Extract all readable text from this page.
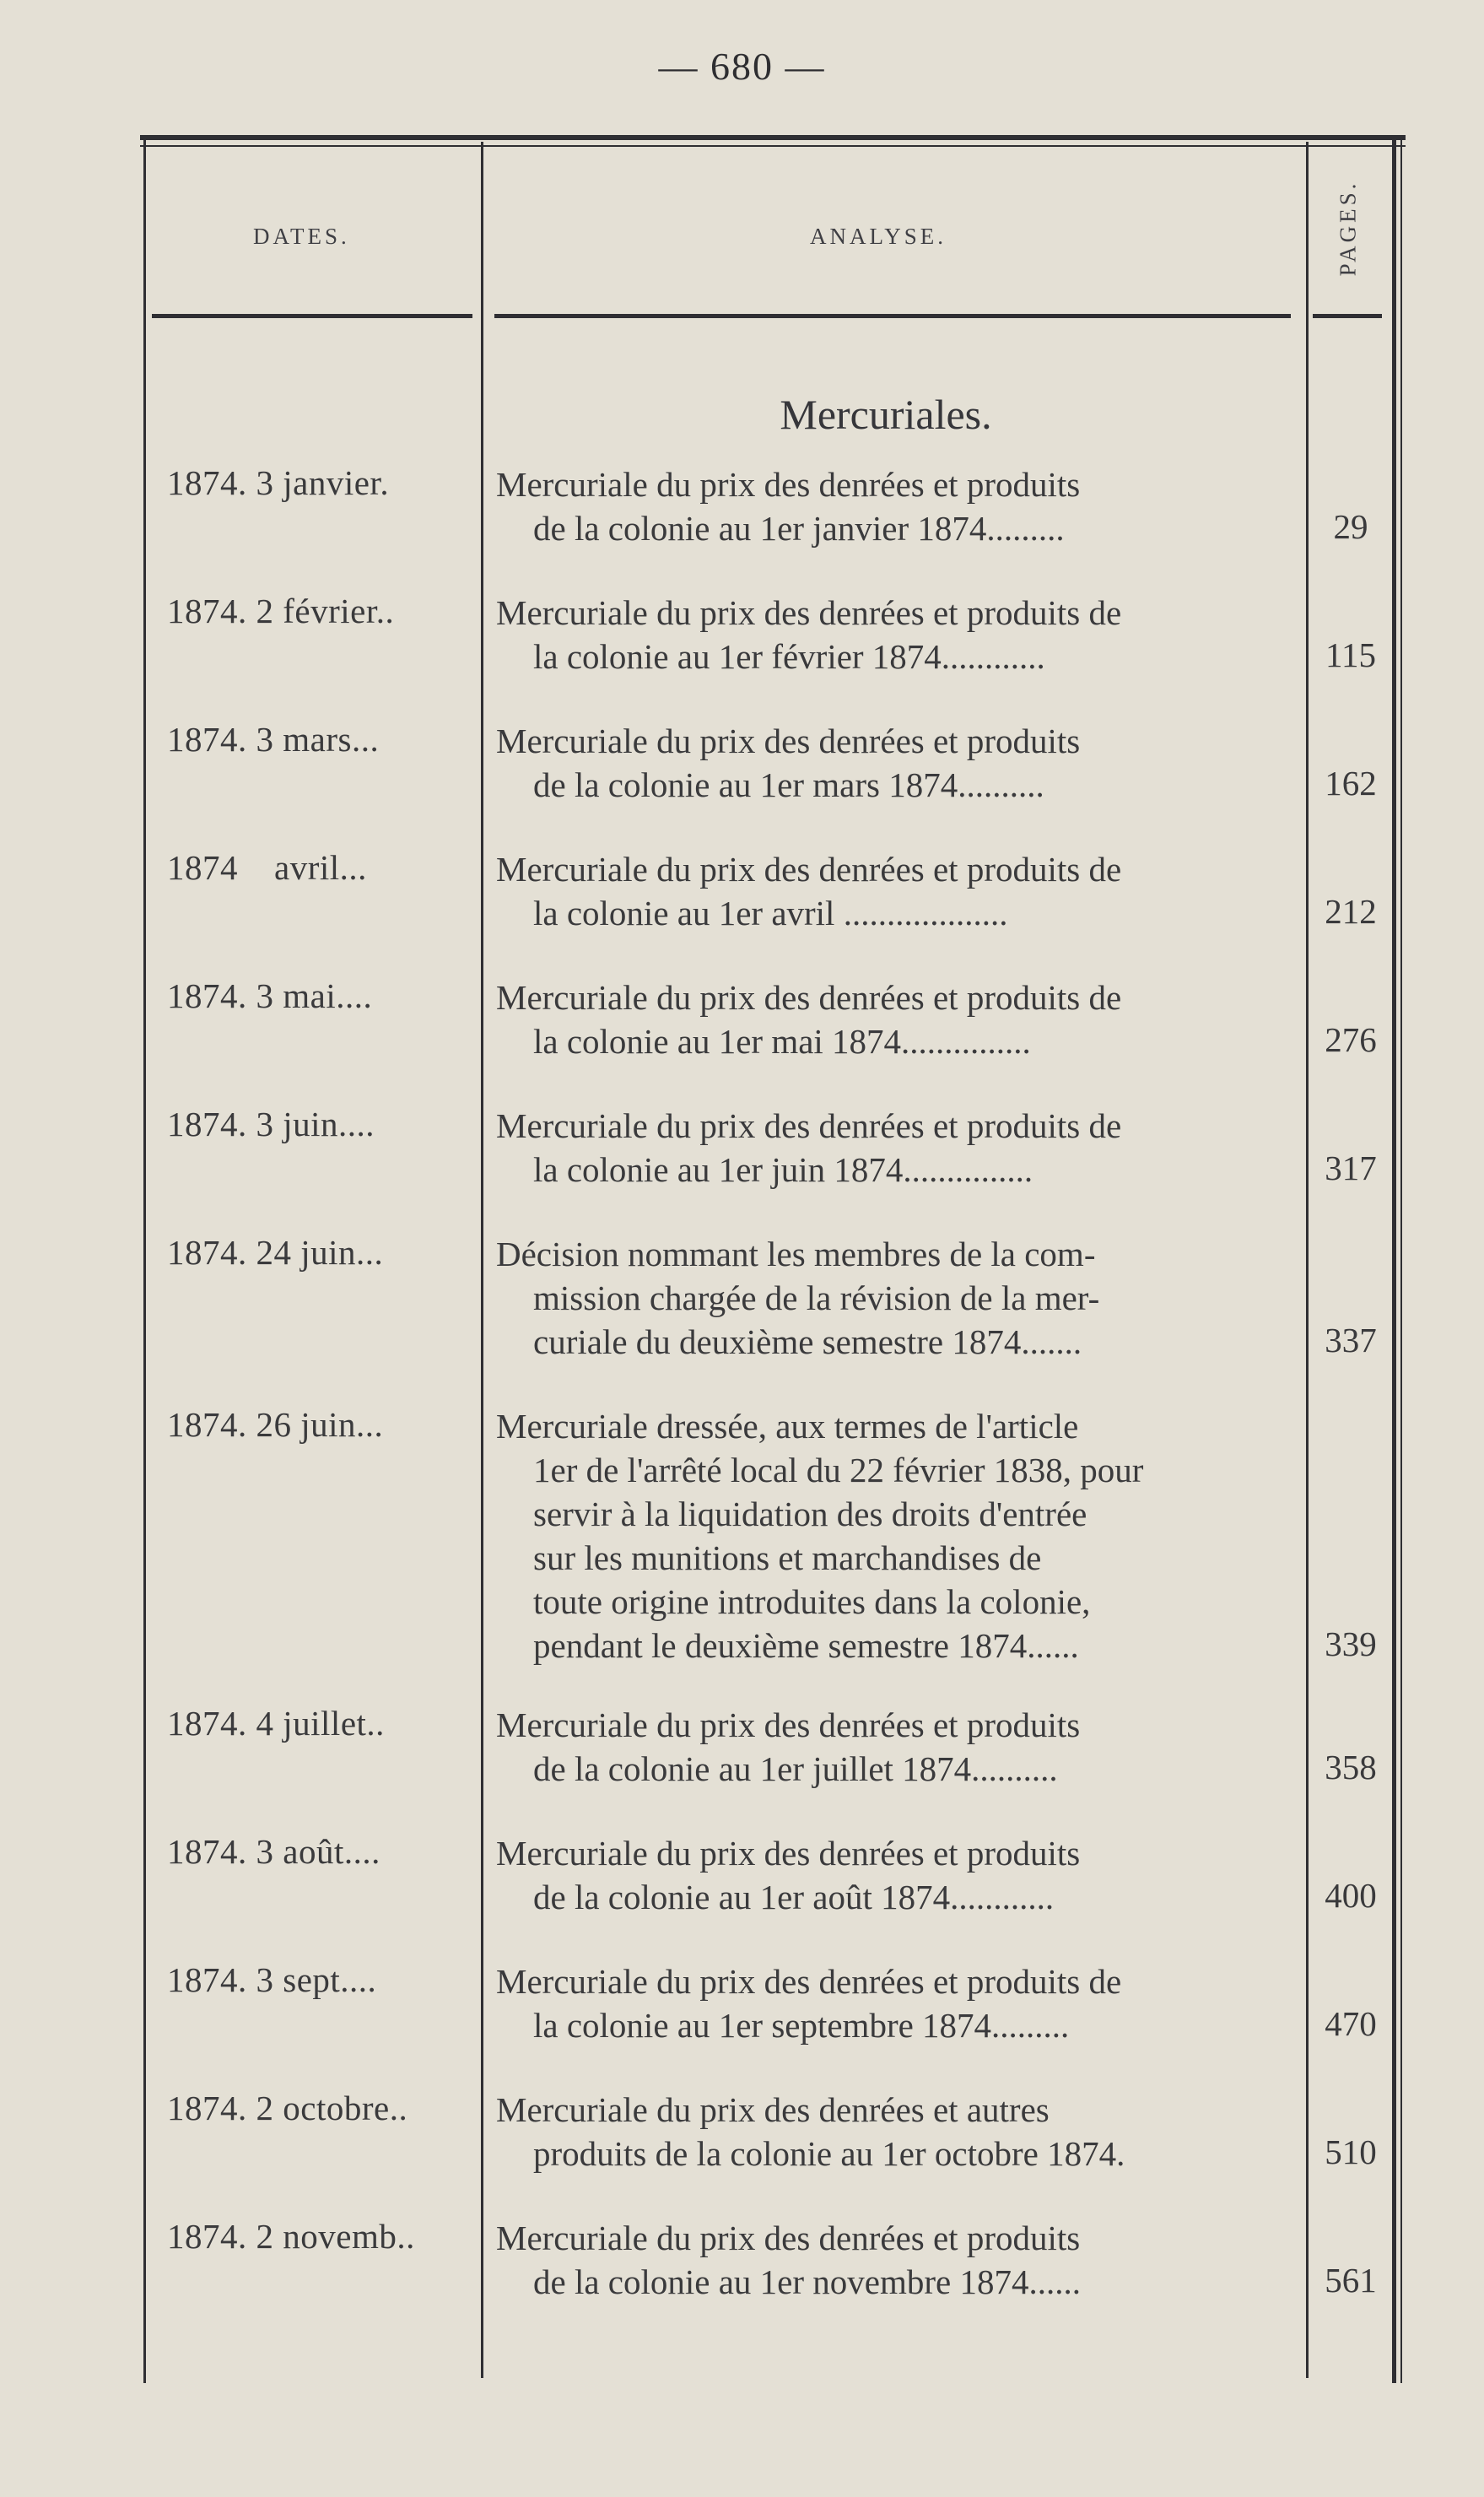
— 680 —
DATES.	ANALYSE.	PAGES.
Mercuriales.
1874. 3 janvier.	Mercuriale du prix des denrées et produits
de la colonie au 1er janvier 1874.........	29
1874. 2 février..	Mercuriale du prix des denrées et produits de
la colonie au 1er février 1874............	115
1874. 3 mars...	Mercuriale du prix des denrées et produits
de la colonie au 1er mars 1874..........	162
1874    avril...	Mercuriale du prix des denrées et produits de
la colonie au 1er avril ...................	212
1874. 3 mai....	Mercuriale du prix des denrées et produits de
la colonie au 1er mai 1874...............	276
1874. 3 juin....	Mercuriale du prix des denrées et produits de
la colonie au 1er juin 1874...............	317
1874. 24 juin...	Décision nommant les membres de la com-
mission chargée de la révision de la mer-
curiale du deuxième semestre 1874.......	337
1874. 26 juin...	Mercuriale dressée, aux termes de l'article
1er de l'arrêté local du 22 février 1838, pour
servir à la liquidation des droits d'entrée
sur les munitions et marchandises de
toute origine introduites dans la colonie,
pendant le deuxième semestre 1874......	339
1874. 4 juillet..	Mercuriale du prix des denrées et produits
de la colonie au 1er juillet 1874..........	358
1874. 3 août....	Mercuriale du prix des denrées et produits
de la colonie au 1er août 1874............	400
1874. 3 sept....	Mercuriale du prix des denrées et produits de
la colonie au 1er septembre 1874.........	470
1874. 2 octobre..	Mercuriale du prix des denrées et autres
produits de la colonie au 1er octobre 1874.	510
1874. 2 novemb..	Mercuriale du prix des denrées et produits
de la colonie au 1er novembre 1874......	561
